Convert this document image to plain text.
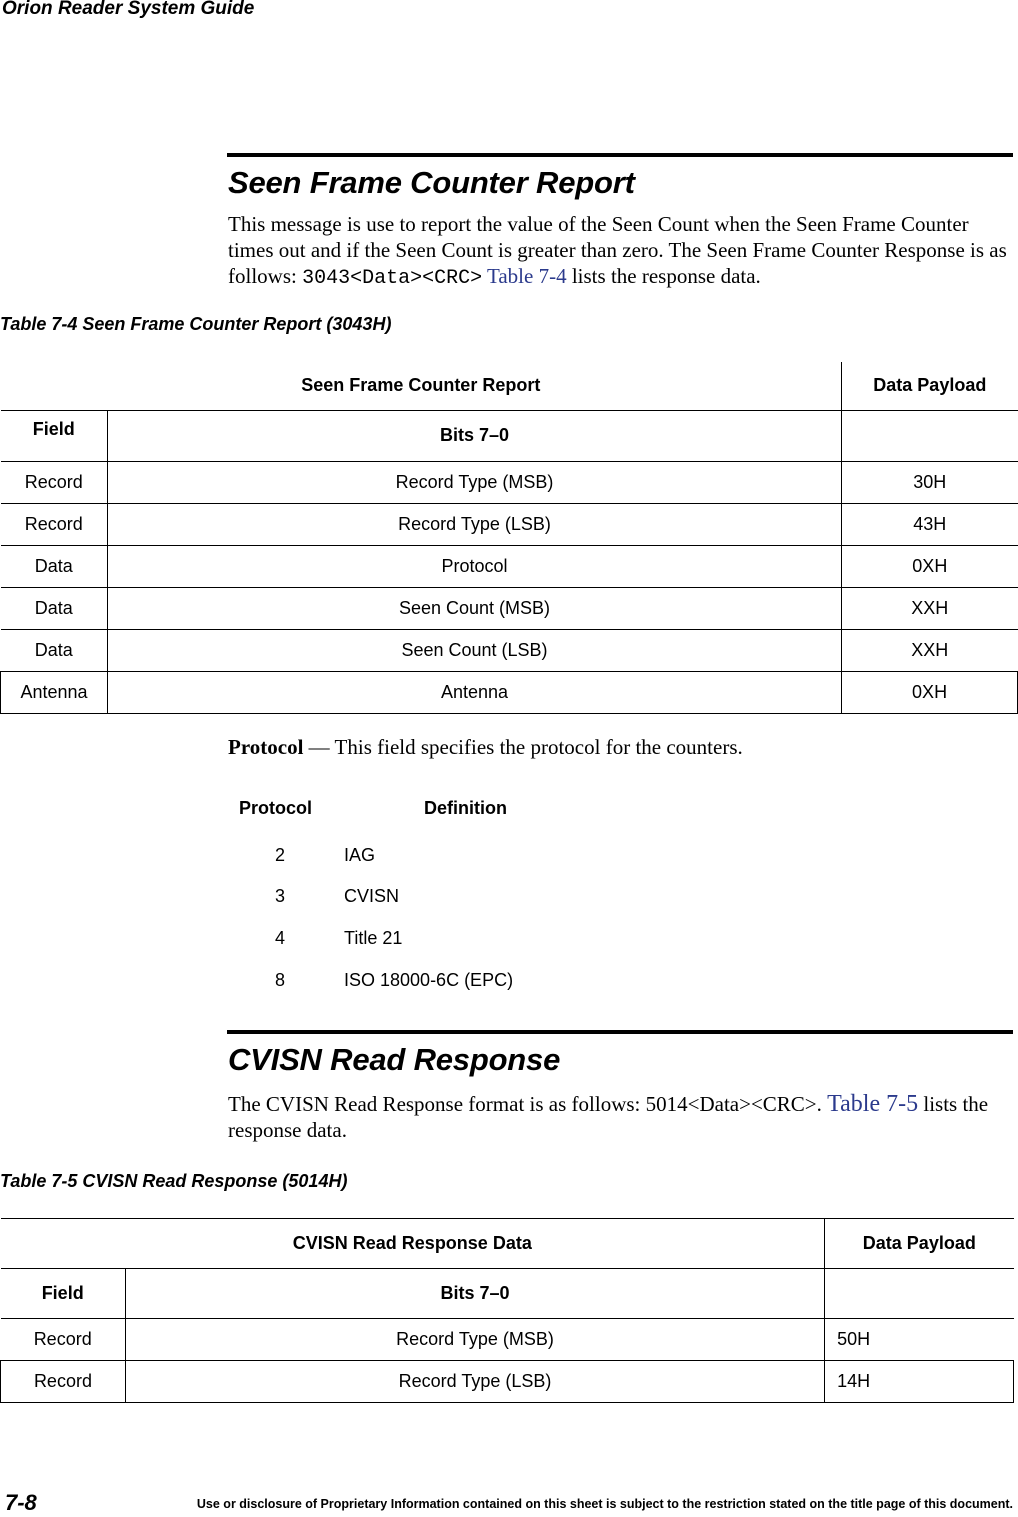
Orion Reader System Guide
Seen Frame Counter Report
This message is use to report the value of the Seen Count when the Seen Frame Counter times out and if the Seen Count is greater than zero. The Seen Frame Counter Response is as follows: 3043<Data><CRC> Table 7-4 lists the response data.
Table 7-4 Seen Frame Counter Report (3043H)
Seen Frame Counter Report		Data Payload
Field	Bits 7–0	
Record	Record Type (MSB)	30H
Record	Record Type (LSB)	43H
Data	Protocol	0XH
Data	Seen Count (MSB)	XXH
Data	Seen Count (LSB)	XXH
Antenna	Antenna	0XH
Protocol — This field specifies the protocol for the counters.
Protocol	Definition
2	IAG
3	CVISN
4	Title 21
8	ISO 18000-6C (EPC)
CVISN Read Response
The CVISN Read Response format is as follows: 5014<Data><CRC>. Table 7-5 lists the response data.
Table 7-5 CVISN Read Response (5014H)
CVISN Read Response Data		Data Payload
Field	Bits 7–0	
Record	Record Type (MSB)	50H
Record	Record Type (LSB)	14H
7-8	Use or disclosure of Proprietary Information contained on this sheet is subject to the restriction stated on the title page of this document.
